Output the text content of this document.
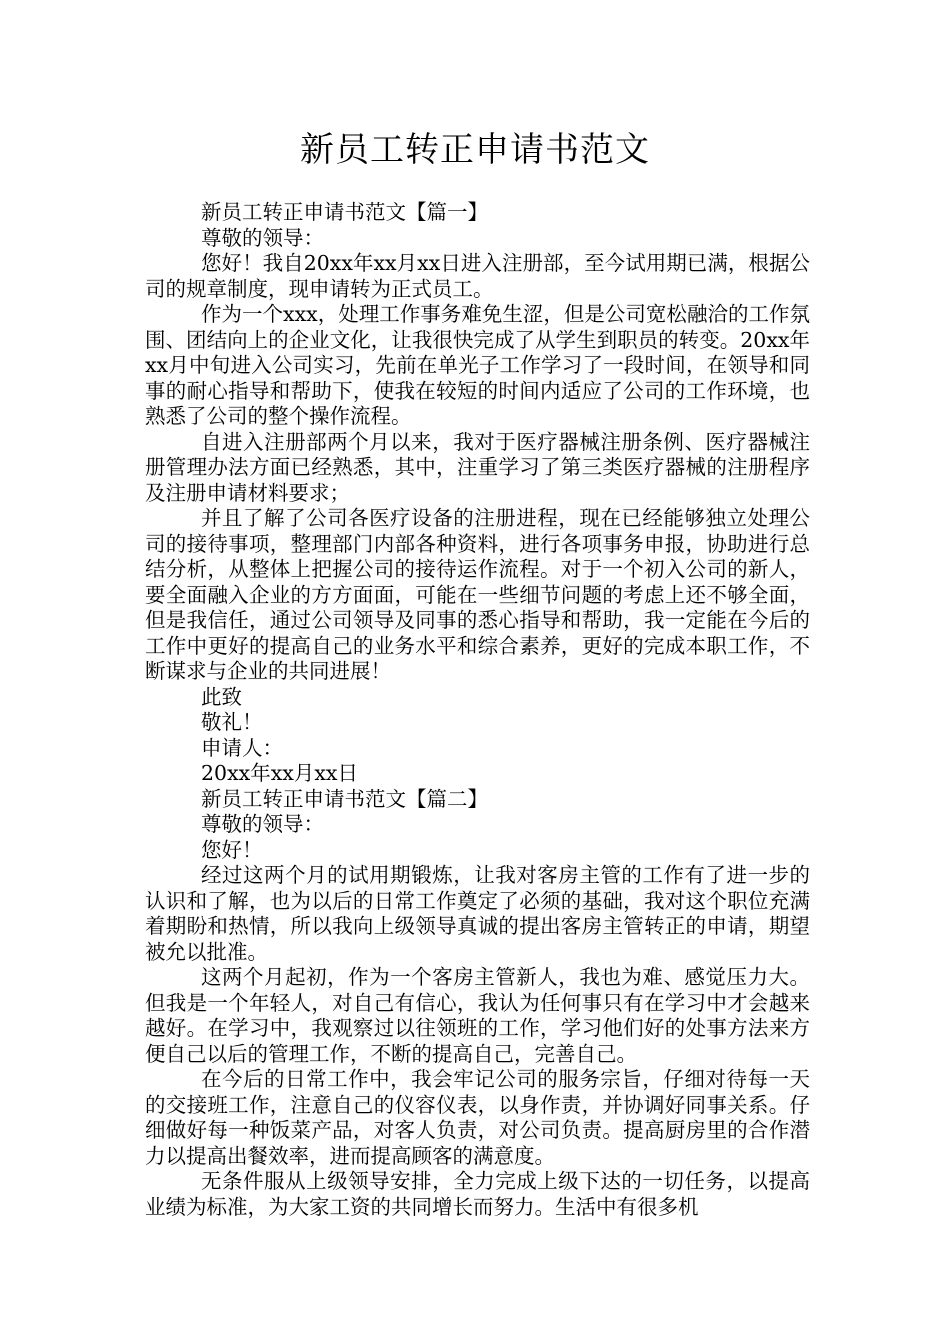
新员工转正申请书范文

新员工转正申请书范文【篇一】

尊敬的领导：

您好！我自20xx年xx月xx日进入注册部，至今试用期已满，根据公司的规章制度，现申请转为正式员工。

作为一个xxx，处理工作事务难免生涩，但是公司宽松融洽的工作氛围、团结向上的企业文化，让我很快完成了从学生到职员的转变。20xx年xx月中旬进入公司实习，先前在单光子工作学习了一段时间，在领导和同事的耐心指导和帮助下，使我在较短的时间内适应了公司的工作环境，也熟悉了公司的整个操作流程。

自进入注册部两个月以来，我对于医疗器械注册条例、医疗器械注册管理办法方面已经熟悉，其中，注重学习了第三类医疗器械的注册程序及注册申请材料要求；

并且了解了公司各医疗设备的注册进程，现在已经能够独立处理公司的接待事项，整理部门内部各种资料，进行各项事务申报，协助进行总结分析，从整体上把握公司的接待运作流程。对于一个初入公司的新人，要全面融入企业的方方面面，可能在一些细节问题的考虑上还不够全面，但是我信任，通过公司领导及同事的悉心指导和帮助，我一定能在今后的工作中更好的提高自己的业务水平和综合素养，更好的完成本职工作，不断谋求与企业的共同进展！

此致

敬礼！

申请人：

20xx年xx月xx日

新员工转正申请书范文【篇二】

尊敬的领导：

您好！

经过这两个月的试用期锻炼，让我对客房主管的工作有了进一步的认识和了解，也为以后的日常工作奠定了必须的基础，我对这个职位充满着期盼和热情，所以我向上级领导真诚的提出客房主管转正的申请，期望被允以批准。

这两个月起初，作为一个客房主管新人，我也为难、感觉压力大。但我是一个年轻人，对自己有信心，我认为任何事只有在学习中才会越来越好。在学习中，我观察过以往领班的工作，学习他们好的处事方法来方便自己以后的管理工作，不断的提高自己，完善自己。

在今后的日常工作中，我会牢记公司的服务宗旨，仔细对待每一天的交接班工作，注意自己的仪容仪表，以身作责，并协调好同事关系。仔细做好每一种饭菜产品，对客人负责，对公司负责。提高厨房里的合作潜力以提高出餐效率，进而提高顾客的满意度。

无条件服从上级领导安排，全力完成上级下达的一切任务，以提高业绩为标准，为大家工资的共同增长而努力。生活中有很多机
